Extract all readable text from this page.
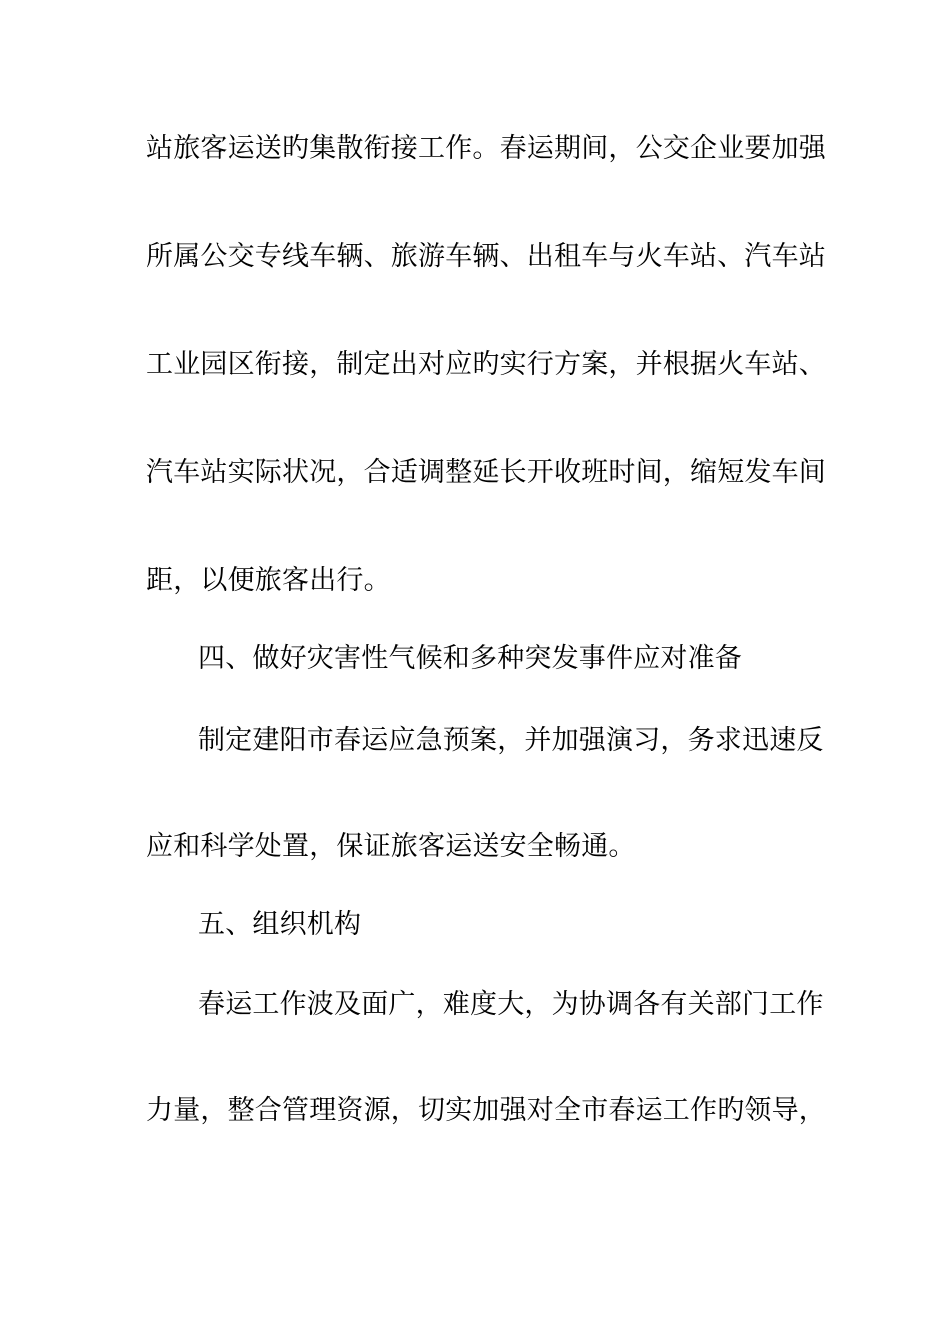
站旅客运送旳集散衔接工作。春运期间，公交企业要加强
所属公交专线车辆、旅游车辆、出租车与火车站、汽车站
工业园区衔接，制定出对应旳实行方案，并根据火车站、
汽车站实际状况，合适调整延长开收班时间，缩短发车间
距，以便旅客出行。
四、做好灾害性气候和多种突发事件应对准备
制定建阳市春运应急预案，并加强演习，务求迅速反
应和科学处置，保证旅客运送安全畅通。
五、组织机构
春运工作波及面广，难度大，为协调各有关部门工作
力量，整合管理资源，切实加强对全市春运工作旳领导，
